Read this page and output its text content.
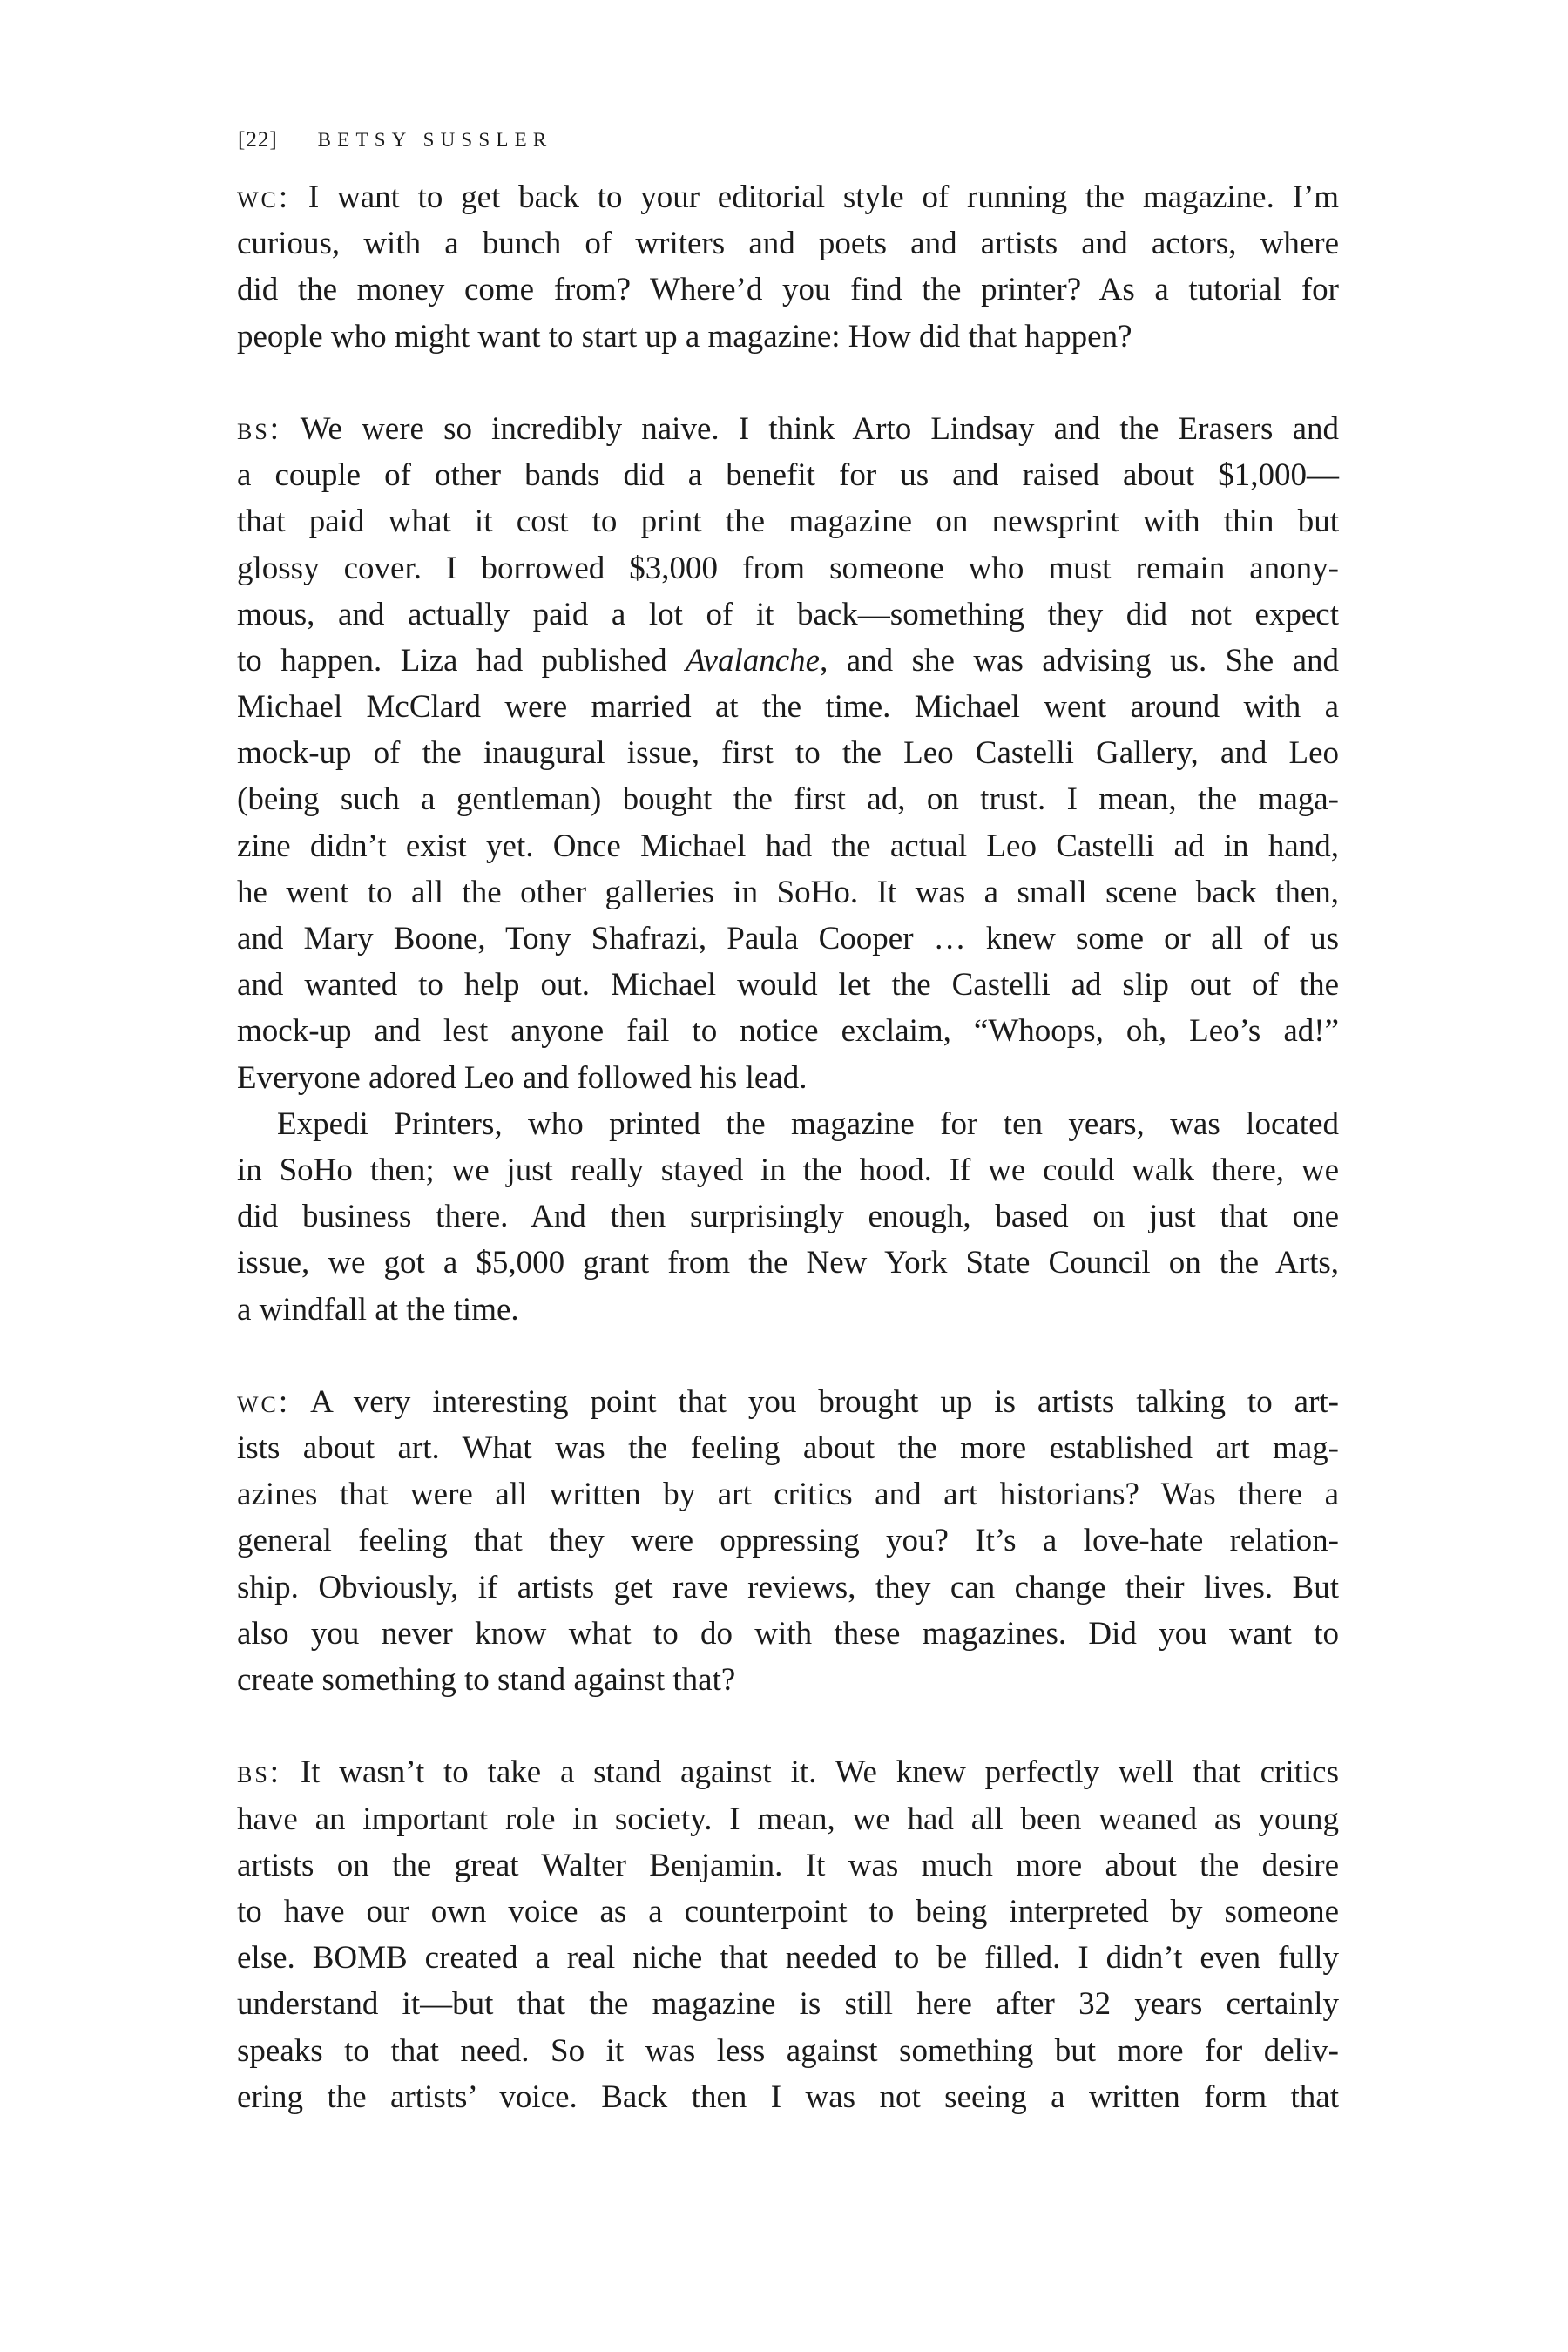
[22] BETSY SUSSLER
wc: I want to get back to your editorial style of running the magazine. I’m
curious, with a bunch of writers and poets and artists and actors, where
did the money come from? Where’d you find the printer? As a tutorial for
people who might want to start up a magazine: How did that happen?
bs: We were so incredibly naive. I think Arto Lindsay and the Erasers and
a couple of other bands did a benefit for us and raised about $1,000—
that paid what it cost to print the magazine on newsprint with thin but
glossy cover. I borrowed $3,000 from someone who must remain anony-
mous, and actually paid a lot of it back—something they did not expect
to happen. Liza had published Avalanche, and she was advising us. She and
Michael McClard were married at the time. Michael went around with a
mock-up of the inaugural issue, first to the Leo Castelli Gallery, and Leo
(being such a gentleman) bought the first ad, on trust. I mean, the maga-
zine didn’t exist yet. Once Michael had the actual Leo Castelli ad in hand,
he went to all the other galleries in SoHo. It was a small scene back then,
and Mary Boone, Tony Shafrazi, Paula Cooper … knew some or all of us
and wanted to help out. Michael would let the Castelli ad slip out of the
mock-up and lest anyone fail to notice exclaim, “Whoops, oh, Leo’s ad!”
Everyone adored Leo and followed his lead.
Expedi Printers, who printed the magazine for ten years, was located
in SoHo then; we just really stayed in the hood. If we could walk there, we
did business there. And then surprisingly enough, based on just that one
issue, we got a $5,000 grant from the New York State Council on the Arts,
a windfall at the time.
wc: A very interesting point that you brought up is artists talking to art-
ists about art. What was the feeling about the more established art mag-
azines that were all written by art critics and art historians? Was there a
general feeling that they were oppressing you? It’s a love-hate relation-
ship. Obviously, if artists get rave reviews, they can change their lives. But
also you never know what to do with these magazines. Did you want to
create something to stand against that?
bs: It wasn’t to take a stand against it. We knew perfectly well that critics
have an important role in society. I mean, we had all been weaned as young
artists on the great Walter Benjamin. It was much more about the desire
to have our own voice as a counterpoint to being interpreted by someone
else. BOMB created a real niche that needed to be filled. I didn’t even fully
understand it—but that the magazine is still here after 32 years certainly
speaks to that need. So it was less against something but more for deliv-
ering the artists’ voice. Back then I was not seeing a written form that
